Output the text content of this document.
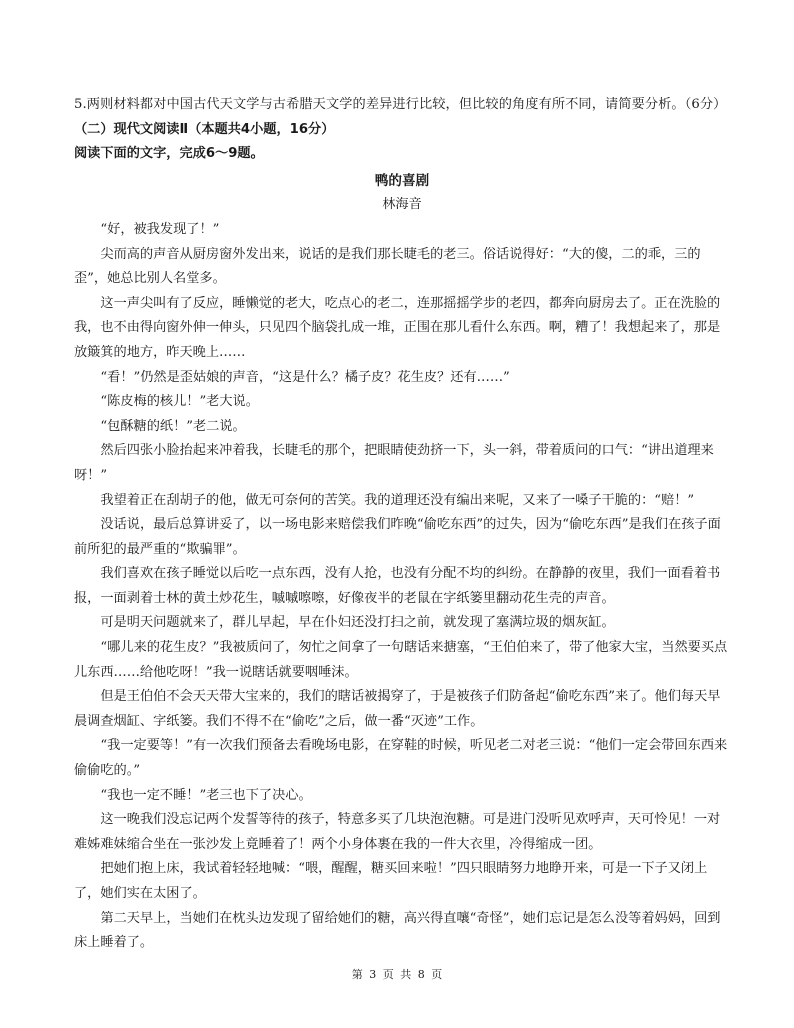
5.两则材料都对中国古代天文学与古希腊天文学的差异进行比较，但比较的角度有所不同，请简要分析。（6分）

（二）现代文阅读Ⅱ（本题共4小题，16分）

阅读下面的文字，完成6～9题。

鸭的喜剧

林海音

“好，被我发现了！”

尖而高的声音从厨房窗外发出来，说话的是我们那长睫毛的老三。俗话说得好：“大的傻，二的乖，三的歪”，她总比别人名堂多。

这一声尖叫有了反应，睡懒觉的老大，吃点心的老二，连那摇摇学步的老四，都奔向厨房去了。正在洗脸的我，也不由得向窗外伸一伸头，只见四个脑袋扎成一堆，正围在那儿看什么东西。啊，糟了！我想起来了，那是放簸箕的地方，昨天晚上……

“看！”仍然是歪姑娘的声音，“这是什么？橘子皮？花生皮？还有……”

“陈皮梅的核儿！”老大说。

“包酥糖的纸！”老二说。

然后四张小脸抬起来冲着我，长睫毛的那个，把眼睛使劲挤一下，头一斜，带着质问的口气：“讲出道理来呀！”

我望着正在刮胡子的他，做无可奈何的苦笑。我的道理还没有编出来呢，又来了一嗓子干脆的：“赔！”

没话说，最后总算讲妥了，以一场电影来赔偿我们昨晚“偷吃东西”的过失，因为“偷吃东西”是我们在孩子面前所犯的最严重的“欺骗罪”。

我们喜欢在孩子睡觉以后吃一点东西，没有人抢，也没有分配不均的纠纷。在静静的夜里，我们一面看着书报，一面剥着士林的黄土炒花生，嘁嘁嚓嚓，好像夜半的老鼠在字纸篓里翻动花生壳的声音。

可是明天问题就来了，群儿早起，早在仆妇还没打扫之前，就发现了塞满垃圾的烟灰缸。

“哪儿来的花生皮？”我被质问了，匆忙之间拿了一句瞎话来搪塞，“王伯伯来了，带了他家大宝，当然要买点儿东西……给他吃呀！”我一说瞎话就要咽唾沫。

但是王伯伯不会天天带大宝来的，我们的瞎话被揭穿了，于是被孩子们防备起“偷吃东西”来了。他们每天早晨调查烟缸、字纸篓。我们不得不在“偷吃”之后，做一番“灭迹”工作。

“我一定要等！”有一次我们预备去看晚场电影，在穿鞋的时候，听见老二对老三说：“他们一定会带回东西来偷偷吃的。”

“我也一定不睡！”老三也下了决心。

这一晚我们没忘记两个发誓等待的孩子，特意多买了几块泡泡糖。可是进门没听见欢呼声，天可怜见！一对难姊难妹缩合坐在一张沙发上竟睡着了！两个小身体裹在我的一件大衣里，冷得缩成一团。

把她们抱上床，我试着轻轻地喊：“喂，醒醒，糖买回来啦！”四只眼睛努力地睁开来，可是一下子又闭上了，她们实在太困了。

第二天早上，当她们在枕头边发现了留给她们的糖，高兴得直嚷“奇怪”，她们忘记是怎么没等着妈妈，回到床上睡着了。

第 3 页 共 8 页
